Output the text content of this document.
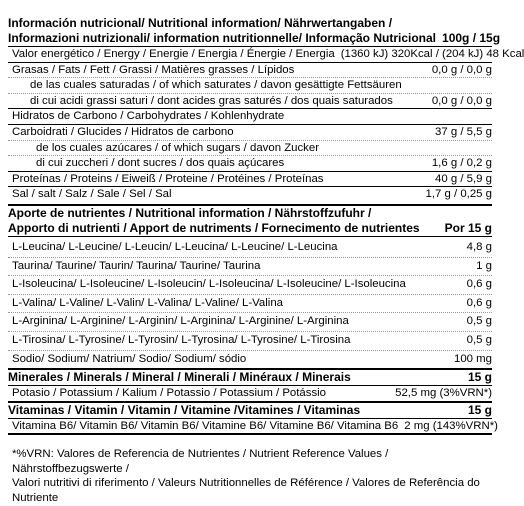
Información nutricional/ Nutritional information/ Nährwertangaben /
Informazioni nutrizionali/ information nutritionnelle/ Informação Nutricional 100g / 15g
Valor energético / Energy / Energie / Energia / Énergie / Energia (1360 kJ) 320Kcal / (204 kJ) 48 Kcal
Grasas / Fats / Fett / Grassi / Matières grasses / Lípidos	0,0 g / 0,0 g
de las cuales saturadas / of which saturates / davon gesättigte Fettsäuren
di cui acidi grassi saturi / dont acides gras saturés / dos quais saturados	0,0 g / 0,0 g
Hidratos de Carbono / Carbohydrates / Kohlenhydrate
Carboidrati / Glucides / Hidratos de carbono	37 g / 5,5 g
de los cuales azúcares / of which sugars / davon Zucker
di cui zuccheri / dont sucres / dos quais açúcares	1,6 g / 0,2 g
Proteínas / Proteins / Eiweiß / Proteine / Protéines / Proteínas	40 g / 5,9 g
Sal / salt / Salz / Sale / Sel / Sal	1,7 g / 0,25 g
Aporte de nutrientes / Nutritional information / Nährstoffzufuhr /
Apporto di nutrienti / Apport de nutriments / Fornecimento de nutrientes	Por 15 g
L-Leucina/ L-Leucine/ L-Leucin/ L-Leucina/ L-Leucine/ L-Leucina	4,8 g
Taurina/ Taurine/ Taurin/ Taurina/ Taurine/ Taurina	1 g
L-Isoleucina/ L-Isoleucine/ L-Isoleucin/ L-Isoleucina/ L-Isoleucine/ L-Isoleucina	0,6 g
L-Valina/ L-Valine/ L-Valin/ L-Valina/ L-Valine/ L-Valina	0,6 g
L-Arginina/ L-Arginine/ L-Arginin/ L-Arginina/ L-Arginine/ L-Arginina	0,5 g
L-Tirosina/ L-Tyrosine/ L-Tyrosin/ L-Tyrosina/ L-Tyrosine/ L-Tirosina	0,5 g
Sodio/ Sodium/ Natrium/ Sodio/ Sodium/ sódio	100 mg
Minerales / Minerals / Mineral / Minerali / Minéraux / Minerais	15 g
Potasio / Potassium / Kalium / Potassio / Potassium / Potássio	52,5 mg (3%VRN*)
Vitaminas / Vitamin / Vitamin / Vitamine /Vitamines / Vitaminas	15 g
Vitamina B6/ Vitamin B6/ Vitamin B6/ Vitamine B6/ Vitamine B6/ Vitamina B6 2 mg (143%VRN*)
*%VRN: Valores de Referencia de Nutrientes / Nutrient Reference Values / Nährstoffbezugswerte /
Valori nutritivi di riferimento / Valeurs Nutritionnelles de Référence / Valores de Referência do Nutriente
